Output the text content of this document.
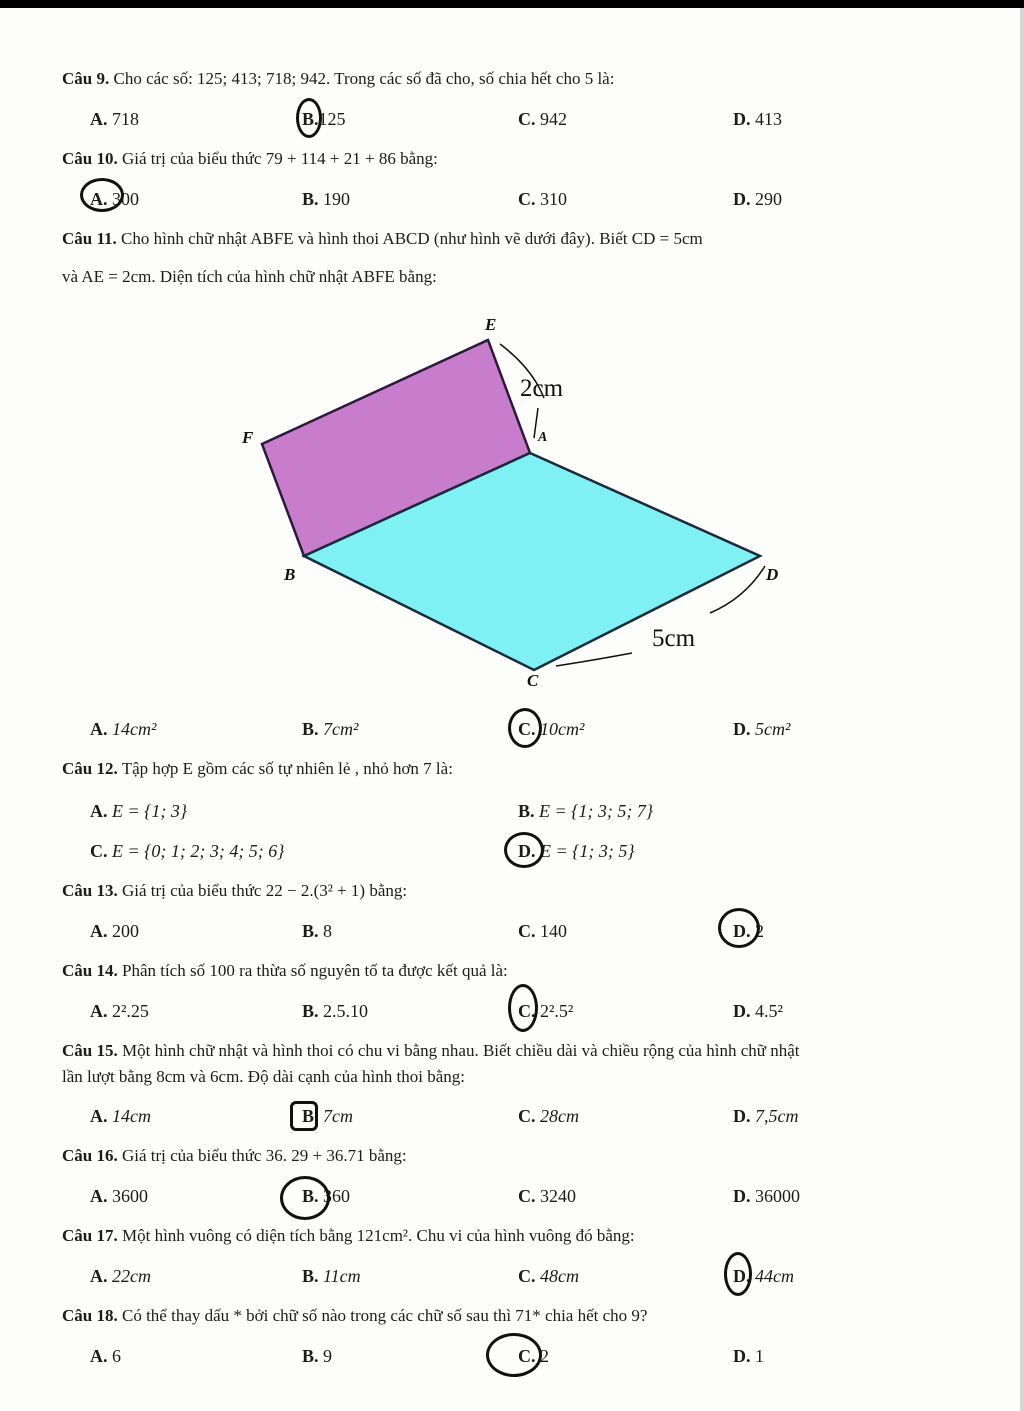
Câu 9. Cho các số: 125; 413; 718; 942. Trong các số đã cho, số chia hết cho 5 là:
A. 718	B.125	C. 942	D. 413
Câu 10. Giá trị của biểu thức 79 + 114 + 21 + 86 bằng:
A. 300	B. 190	C. 310	D. 290
Câu 11. Cho hình chữ nhật ABFE và hình thoi ABCD (như hình vẽ dưới đây). Biết CD = 5cm
và AE = 2cm. Diện tích của hình chữ nhật ABFE bằng:
E
F	A
B	D
C
2cm
5cm
A. 14cm²	B. 7cm²	C. 10cm²	D. 5cm²
Câu 12. Tập hợp E gồm các số tự nhiên lẻ , nhỏ hơn 7 là:
A. E = {1; 3}	B. E = {1; 3; 5; 7}
C. E = {0; 1; 2; 3; 4; 5; 6}	D. E = {1; 3; 5}
Câu 13. Giá trị của biểu thức 22 − 2.(3² + 1) bằng:
A. 200	B. 8	C. 140	D. 2
Câu 14. Phân tích số 100 ra thừa số nguyên tố ta được kết quả là:
A. 2².25	B. 2.5.10	C. 2².5²	D. 4.5²
Câu 15. Một hình chữ nhật và hình thoi có chu vi bằng nhau. Biết chiều dài và chiều rộng của hình chữ nhật
lần lượt bằng 8cm và 6cm. Độ dài cạnh của hình thoi bằng:
A. 14cm	B. 7cm	C. 28cm	D. 7,5cm
Câu 16. Giá trị của biểu thức 36. 29 + 36.71 bằng:
A. 3600	B. 360	C. 3240	D. 36000
Câu 17. Một hình vuông có diện tích bằng 121cm². Chu vi của hình vuông đó bằng:
A. 22cm	B. 11cm	C. 48cm	D. 44cm
Câu 18. Có thể thay dấu * bởi chữ số nào trong các chữ số sau thì 71* chia hết cho 9?
A. 6	B. 9	C. 2	D. 1
